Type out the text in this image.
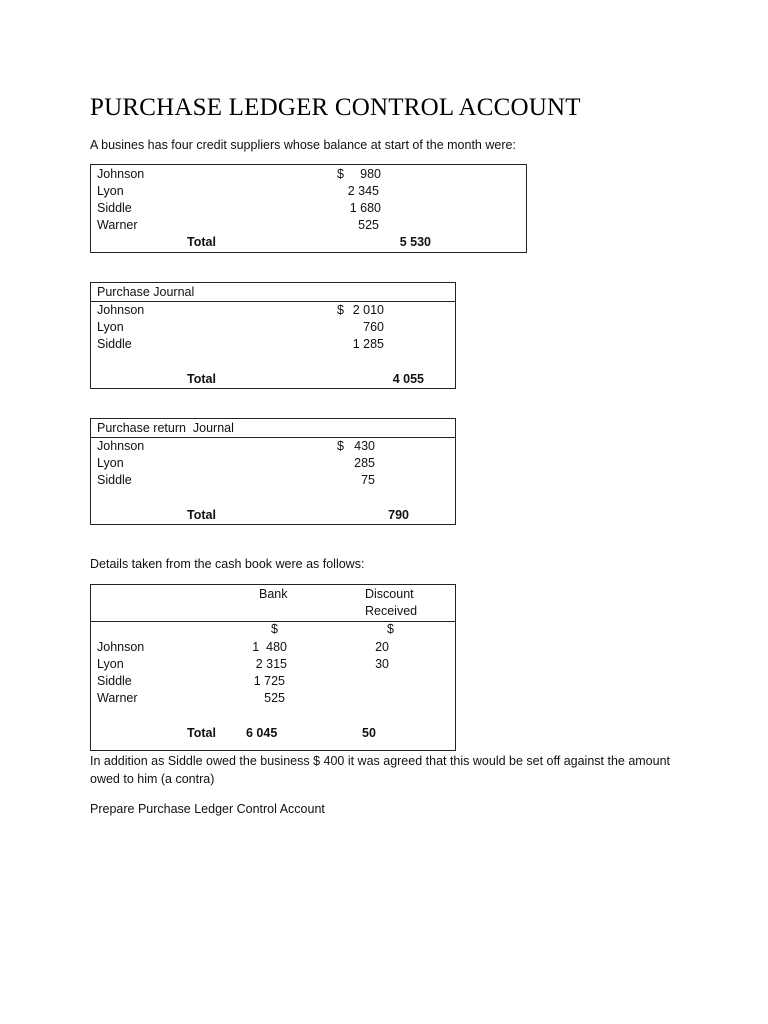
PURCHASE LEDGER CONTROL ACCOUNT
A busines has four credit suppliers whose balance at start of the month were:
Johnson	$	980
Lyon	2 345
Siddle	1 680
Warner	525
Total	5 530
Purchase Journal
Johnson	$ 2 010
Lyon	760
Siddle	1 285
Total	4 055
Purchase return  Journal
Johnson	$ 430
Lyon	285
Siddle	75
Total	790
Details taken from the cash book were as follows:
Bank	Discount
Received
$	$
Johnson	1  480	20
Lyon	2 315	30
Siddle	1 725
Warner	525
Total 6 045	50
In addition as Siddle owed the business $ 400 it was agreed that this would be set off against the amount owed to him (a contra)
Prepare Purchase Ledger Control Account
